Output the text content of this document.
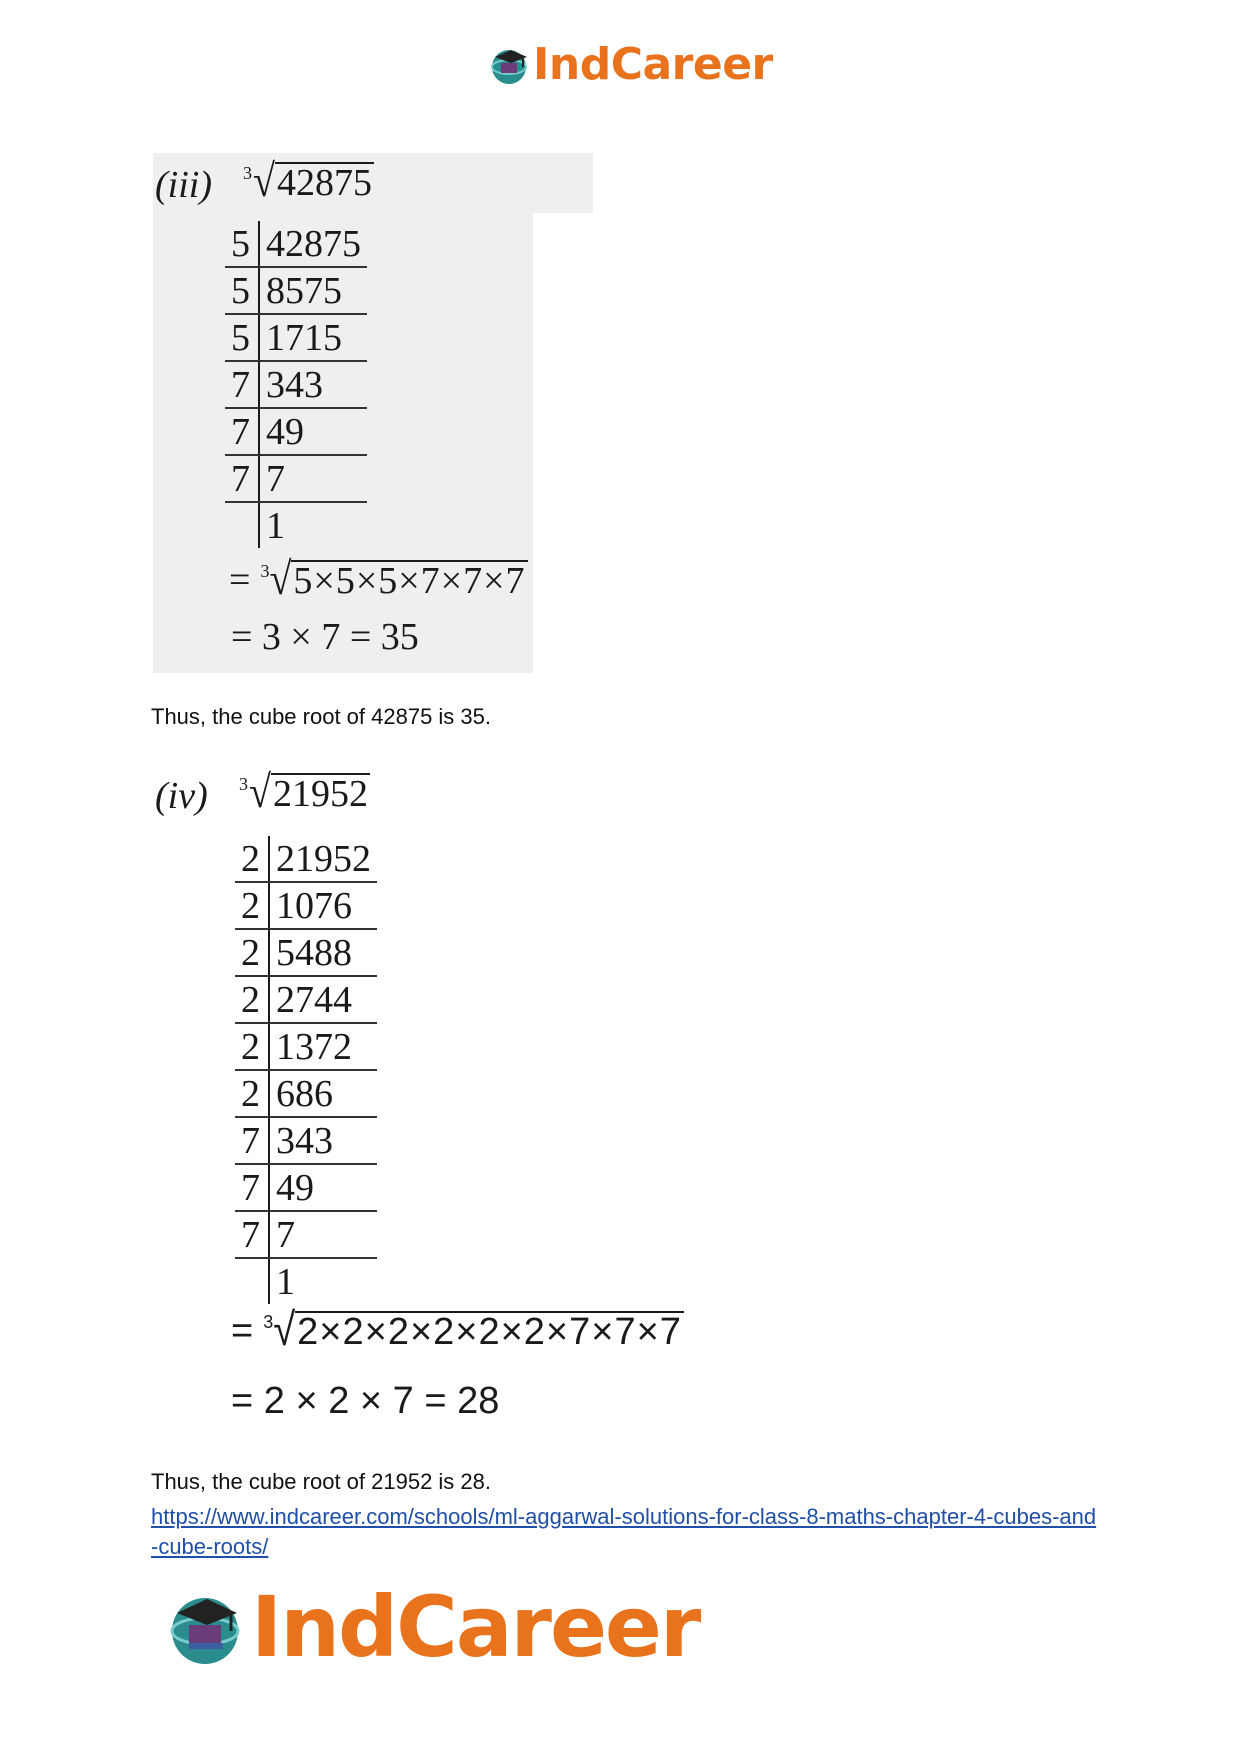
IndCareer
(iii) 3 √ 42875
5	42875
5	8575
5	1715
7	343
7	49
7	7
	1
= 3 √ 5×5×5×7×7×7
= 3 × 7 = 35
Thus, the cube root of 42875 is 35.
(iv) 3 √ 21952
2	21952
2	1076
2	5488
2	2744
2	1372
2	686
7	343
7	49
7	7
	1
= 3 √ 2×2×2×2×2×2×7×7×7
= 2 × 2 × 7 = 28
Thus, the cube root of 21952 is 28.
https://www.indcareer.com/schools/ml-aggarwal-solutions-for-class-8-maths-chapter-4-cubes-and-cube-roots/
IndCareer
